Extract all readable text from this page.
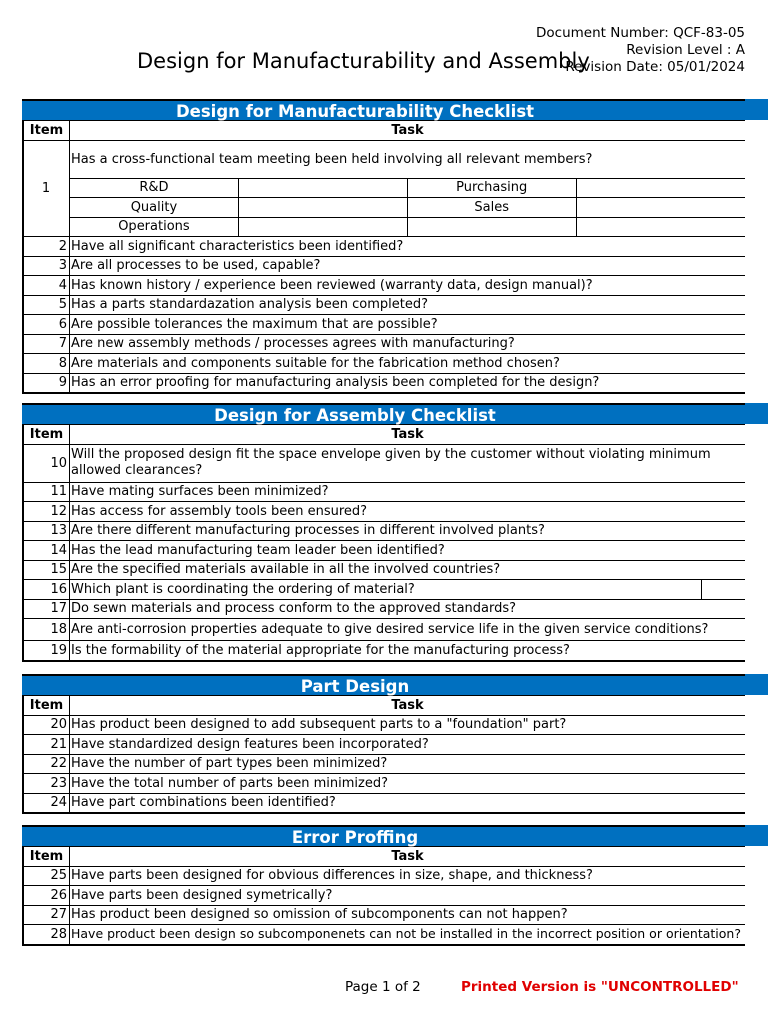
Document Number: QCF-83-05
Revision Level : A
Revision Date: 05/01/2024
Design for Manufacturability and Assembly
Design for Manufacturability Checklist
Item	Task			
1	Has a cross-functional team meeting been held involving all relevant members?			
	R&D		Purchasing	
	Quality		Sales	
	Operations			
2	Have all significant characteristics been identified?			
3	Are all processes to be used, capable?			
4	Has known history / experience been reviewed (warranty data, design manual)?			
5	Has a parts standardazation analysis been completed?			
6	Are possible tolerances the maximum that are possible?			
7	Are new assembly methods / processes agrees with manufacturing?			
8	Are materials and components suitable for the fabrication method chosen?			
9	Has an error proofing for manufacturing analysis been completed for the design?			
Design for Assembly Checklist
Item	Task
10	Will the proposed design fit the space envelope given by the customer without violating minimum allowed clearances?
11	Have mating surfaces been minimized?
12	Has access for assembly tools been ensured?
13	Are there different manufacturing processes in different involved plants?
14	Has the lead manufacturing team leader been identified?
15	Are the specified materials available in all the involved countries?
16	Which plant is coordinating the ordering of material?

17	Do sewn materials and process conform to the approved standards?
18	Are anti-corrosion properties adequate to give desired service life in the given service conditions?
19	Is the formability of the material appropriate for the manufacturing process?
Part Design
Item	Task
20	Has product been designed to add subsequent parts to a "foundation" part?
21	Have standardized design features been incorporated?
22	Have the number of part types been minimized?
23	Have the total number of parts been minimized?
24	Have part combinations been identified?
Error Proffing
Item	Task
25	Have parts been designed for obvious differences in size, shape, and thickness?
26	Have parts been designed symetrically?
27	Has product been designed so omission of subcomponents can not happen?
28	Have product been design so subcomponenets can not be installed in the incorrect position or orientation?
Page 1 of 2	Printed Version is "UNCONTROLLED"
